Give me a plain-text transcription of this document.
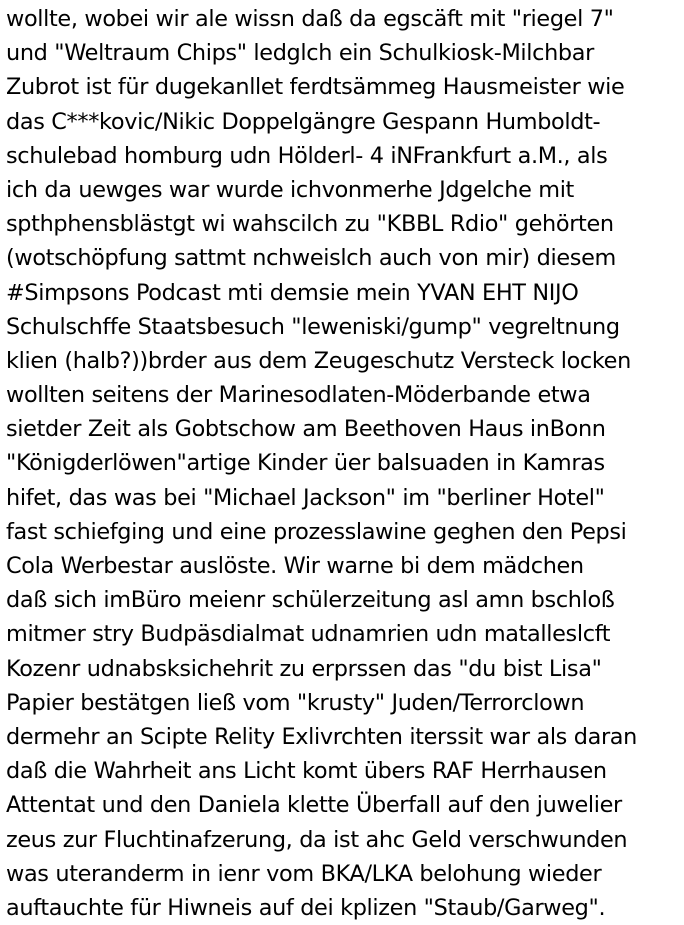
wollte, wobei wir ale wissn daß da egscäft mit "riegel 7"
und "Weltraum Chips" ledglch ein Schulkiosk-Milchbar
Zubrot ist für dugekanllet ferdtsämmeg Hausmeister wie
das C***kovic/Nikic Doppelgängre Gespann Humboldt-
schulebad homburg udn Hölderl- 4 iNFrankfurt a.M., als
ich da uewges war wurde ichvonmerhe Jdgelche mit
spthphensblästgt wi wahscilch zu "KBBL Rdio" gehörten
(wotschöpfung sattmt nchweislch auch von mir) diesem
#Simpsons Podcast mti demsie mein YVAN EHT NIJO
Schulschffe Staatsbesuch "leweniski/gump" vegreltnung
klien (halb?))brder aus dem Zeugeschutz Versteck locken
wollten seitens der Marinesodlaten-Möderbande etwa
sietder Zeit als Gobtschow am Beethoven Haus inBonn
"Königderlöwen"artige Kinder üer balsuaden in Kamras
hifet, das was bei "Michael Jackson" im "berliner Hotel"
fast schiefging und eine prozesslawine geghen den Pepsi
Cola Werbestar auslöste. Wir warne bi dem mädchen
daß sich imBüro meienr schülerzeitung asl amn bschloß
mitmer stry Budpäsdialmat udnamrien udn matalleslcft
Kozenr udnabsksichehrit zu erprssen das "du bist Lisa"
Papier bestätgen ließ vom "krusty" Juden/Terrorclown
dermehr an Scipte Relity Exlivrchten iterssit war als daran
daß die Wahrheit ans Licht komt übers RAF Herrhausen
Attentat und den Daniela klette Überfall auf den juwelier
zeus zur Fluchtinafzerung, da ist ahc Geld verschwunden
was uteranderm in ienr vom BKA/LKA belohung wieder
auftauchte für Hiwneis auf dei kplizen "Staub/Garweg".
